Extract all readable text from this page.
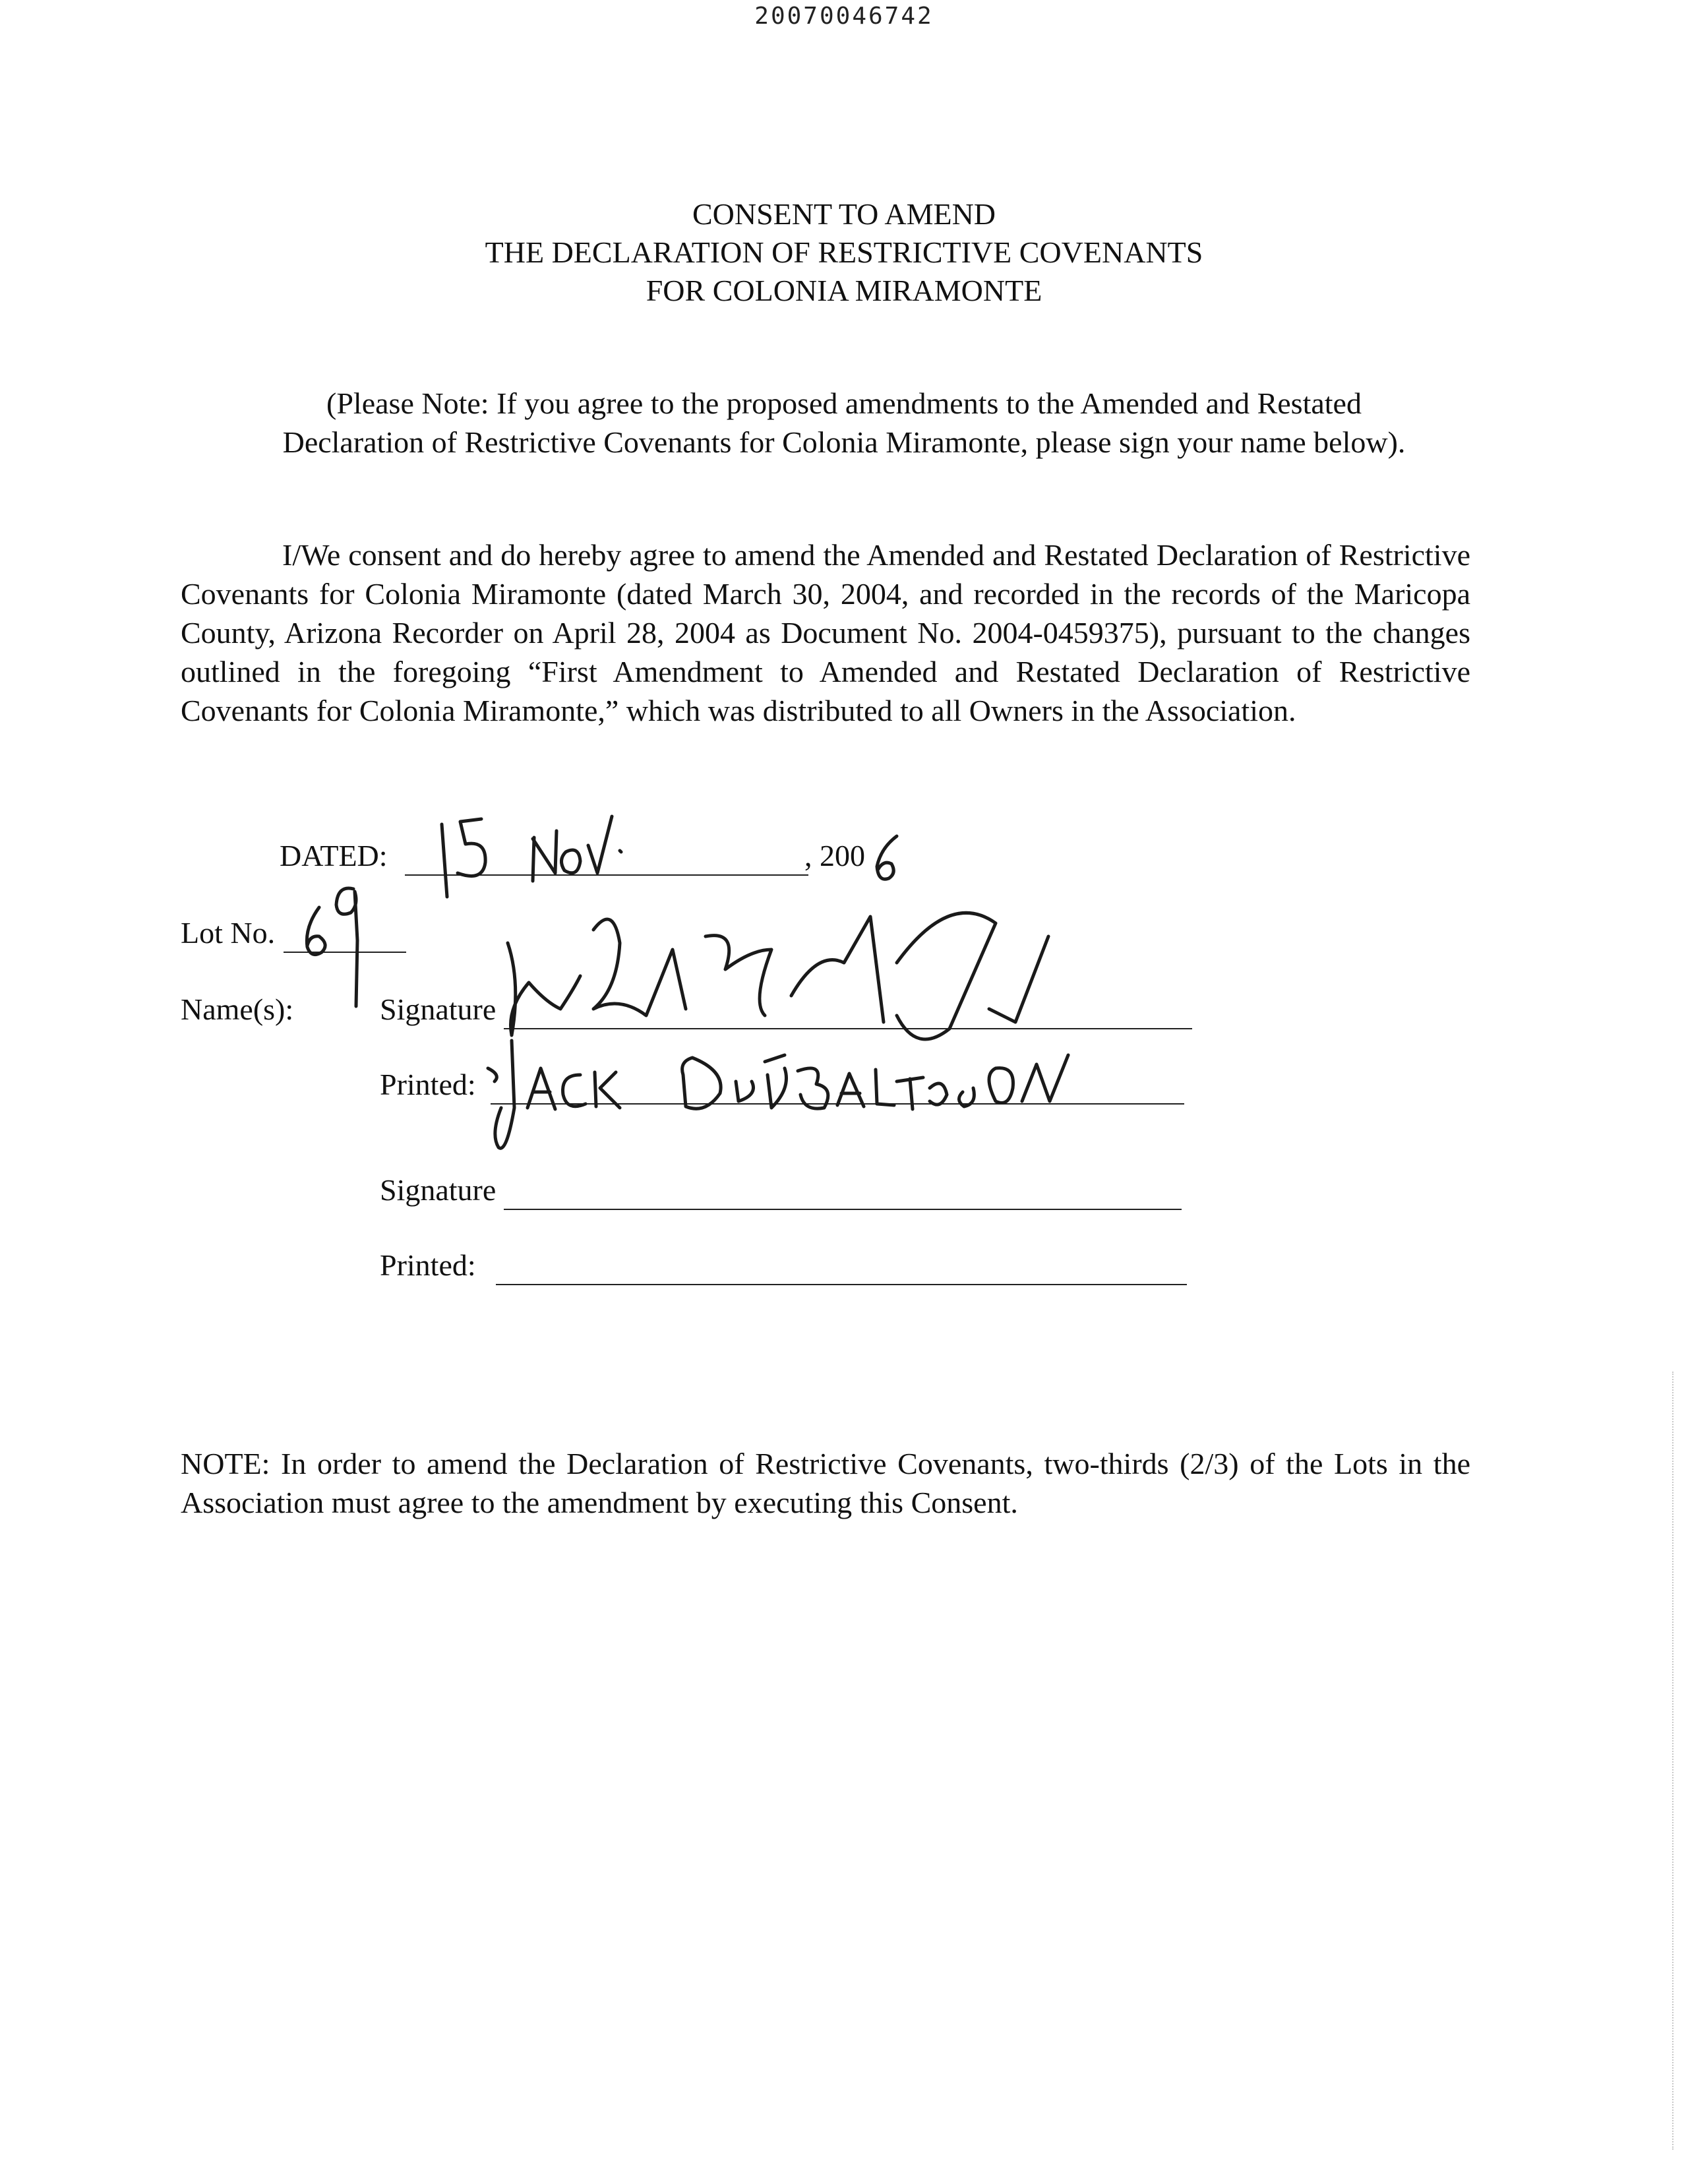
20070046742
CONSENT TO AMEND
THE DECLARATION OF RESTRICTIVE COVENANTS
FOR COLONIA MIRAMONTE
(Please Note: If you agree to the proposed amendments to the Amended and Restated
Declaration of Restrictive Covenants for Colonia Miramonte, please sign your name below).
I/We consent and do hereby agree to amend the Amended and Restated Declaration of Restrictive Covenants for Colonia Miramonte (dated March 30, 2004, and recorded in the records of the Maricopa County, Arizona Recorder on April 28, 2004 as Document No. 2004-0459375), pursuant to the changes outlined in the foregoing “First Amendment to Amended and Restated Declaration of Restrictive Covenants for Colonia Miramonte,” which was distributed to all Owners in the Association.
DATED:	, 200
Lot No.
Name(s):	Signature
Printed:
Signature
Printed:
NOTE: In order to amend the Declaration of Restrictive Covenants, two-thirds (2/3) of the Lots in the Association must agree to the amendment by executing this Consent.
